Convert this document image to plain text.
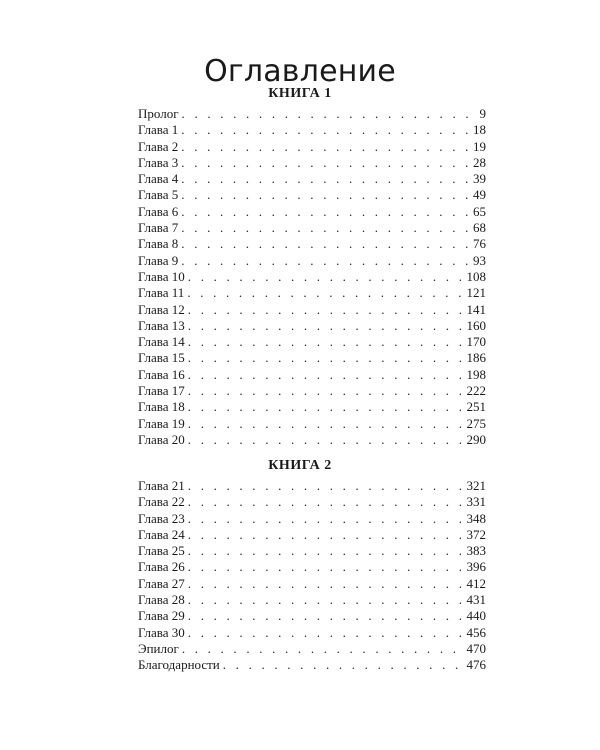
Оглавление
КНИГА 1
Пролог . . .	9
Глава 1 . . .	18
Глава 2 . . .	19
Глава 3 . . .	28
Глава 4 . . .	39
Глава 5 . . .	49
Глава 6 . . .	65
Глава 7 . . .	68
Глава 8 . . .	76
Глава 9 . . .	93
Глава 10 . . .	108
Глава 11 . . .	121
Глава 12 . . .	141
Глава 13 . . .	160
Глава 14 . . .	170
Глава 15 . . .	186
Глава 16 . . .	198
Глава 17 . . .	222
Глава 18 . . .	251
Глава 19 . . .	275
Глава 20 . . .	290
КНИГА 2
Глава 21 . . .	321
Глава 22 . . .	331
Глава 23 . . .	348
Глава 24 . . .	372
Глава 25 . . .	383
Глава 26 . . .	396
Глава 27 . . .	412
Глава 28 . . .	431
Глава 29 . . .	440
Глава 30 . . .	456
Эпилог . . .	470
Благодарности . . .	476
